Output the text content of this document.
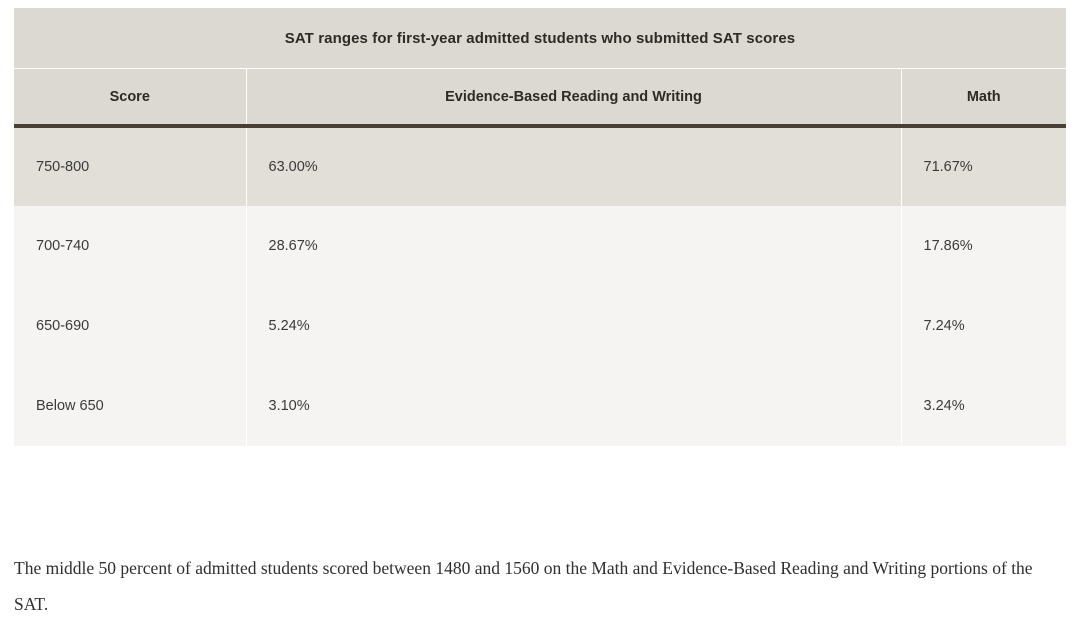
SAT ranges for first-year admitted students who submitted SAT scores
Score	Evidence-Based Reading and Writing	Math
750-800	63.00%	71.67%
700-740	28.67%	17.86%
650-690	5.24%	7.24%
Below 650	3.10%	3.24%

The middle 50 percent of admitted students scored between 1480 and 1560 on the Math and Evidence-Based Reading and Writing portions of the SAT.
